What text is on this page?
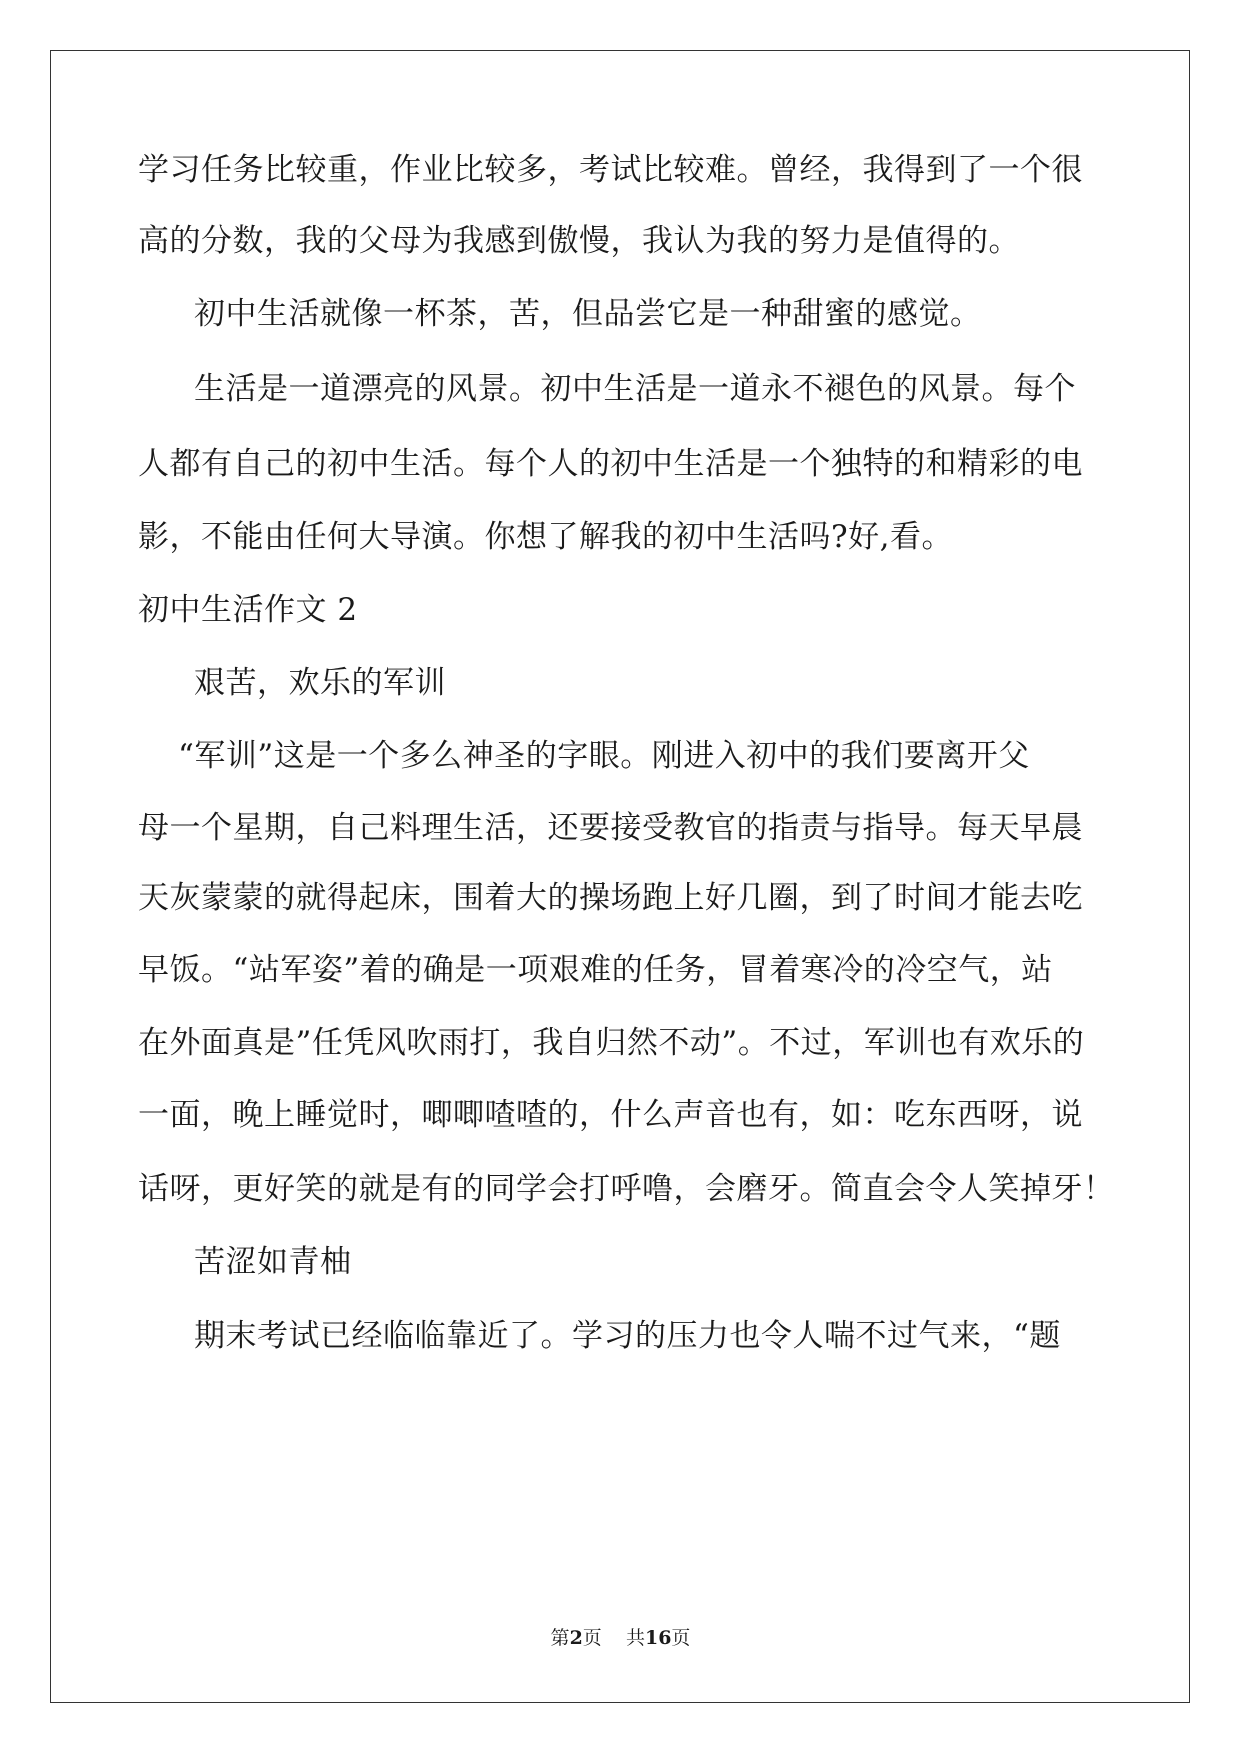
学习任务比较重，作业比较多，考试比较难。曾经，我得到了一个很
高的分数，我的父母为我感到傲慢，我认为我的努力是值得的。
初中生活就像一杯茶，苦，但品尝它是一种甜蜜的感觉。
生活是一道漂亮的风景。初中生活是一道永不褪色的风景。每个
人都有自己的初中生活。每个人的初中生活是一个独特的和精彩的电
影，不能由任何大导演。你想了解我的初中生活吗?好,看。
初中生活作文 2
艰苦，欢乐的军训
“军训”这是一个多么神圣的字眼。刚进入初中的我们要离开父
母一个星期，自己料理生活，还要接受教官的指责与指导。每天早晨
天灰蒙蒙的就得起床，围着大的操场跑上好几圈，到了时间才能去吃
早饭。“站军姿”着的确是一项艰难的任务，冒着寒冷的冷空气，站
在外面真是”任凭风吹雨打，我自归然不动”。不过，军训也有欢乐的
一面，晚上睡觉时，唧唧喳喳的，什么声音也有，如：吃东西呀，说
话呀，更好笑的就是有的同学会打呼噜，会磨牙。简直会令人笑掉牙！
苦涩如青柚
期末考试已经临临靠近了。学习的压力也令人喘不过气来，“题
第2页    共16页
